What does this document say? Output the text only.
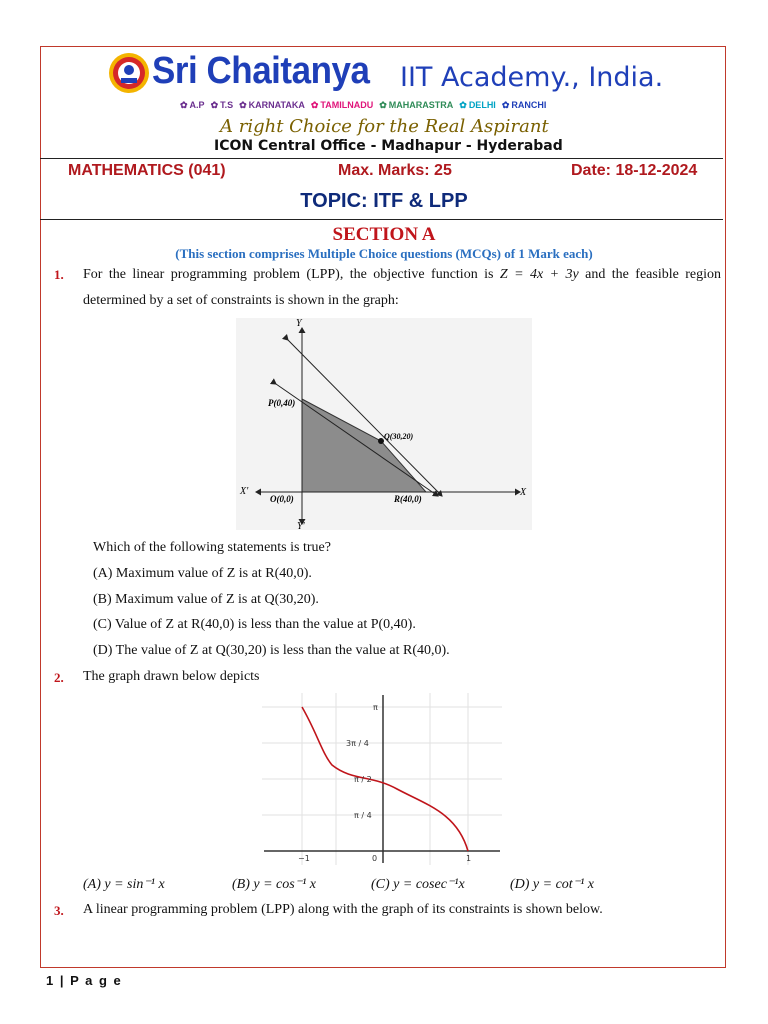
Sri Chaitanya IIT Academy., India.
✿ A.P ✿ T.S ✿ KARNATAKA ✿ TAMILNADU ✿ MAHARASTRA ✿ DELHI ✿ RANCHI
A right Choice for the Real Aspirant
ICON Central Office - Madhapur - Hyderabad
MATHEMATICS (041)	Max. Marks: 25	Date: 18-12-2024
TOPIC: ITF & LPP
SECTION A
(This section comprises Multiple Choice questions (MCQs) of 1 Mark each)
1. For the linear programming problem (LPP), the objective function is Z = 4x + 3y and the feasible region determined by a set of constraints is shown in the graph:
Y
X
X'
Y'
P(0,40)
Q(30,20)
R(40,0)
O(0,0)
Which of the following statements is true?
(A) Maximum value of Z is at R(40,0).
(B) Maximum value of Z is at Q(30,20).
(C) Value of Z at R(40,0) is less than the value at P(0,40).
(D) The value of Z at Q(30,20) is less than the value at R(40,0).
2. The graph drawn below depicts
π
3π / 4
π / 2
π / 4
−1	0	1
(A) y = sin⁻¹ x	(B) y = cos⁻¹ x	(C) y = cosec⁻¹x	(D) y = cot⁻¹ x
3. A linear programming problem (LPP) along with the graph of its constraints is shown below.
1 | P a g e
